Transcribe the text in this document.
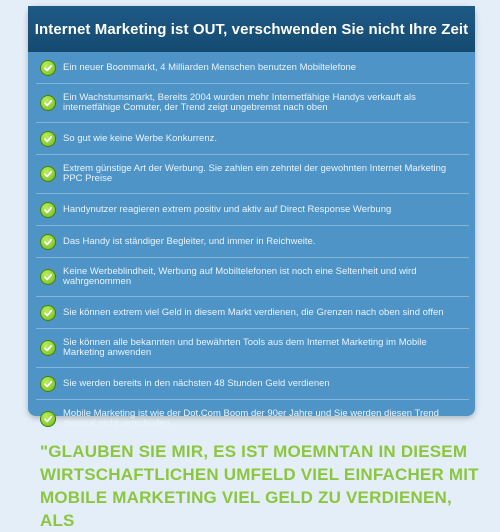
Internet Marketing ist OUT, verschwenden Sie nicht Ihre Zeit
Ein neuer Boommarkt, 4 Milliarden Menschen benutzen Mobiltelefone
Ein Wachstumsmarkt, Bereits 2004 wurden mehr Internetfähige Handys verkauft als internetfähige Comuter, der Trend zeigt ungebremst nach oben
So gut wie keine Werbe Konkurrenz.
Extrem günstige Art der Werbung. Sie zahlen ein zehntel der gewohnten Internet Marketing PPC Preise
Handynutzer reagieren extrem positiv und aktiv auf Direct Response Werbung
Das Handy ist ständiger Begleiter, und immer in Reichweite.
Keine Werbeblindheit, Werbung auf Mobiltelefonen ist noch eine Seltenheit und wird wahrgenommen
Sie können extrem viel Geld in diesem Markt verdienen, die Grenzen nach oben sind offen
Sie können alle bekannten und bewährten Tools aus dem Internet Marketing im Mobile Marketing anwenden
Sie werden bereits in den nächsten 48 Stunden Geld verdienen
Mobile Marketing ist wie der Dot.Com Boom der 90er Jahre und Sie werden diesen Trend diesmal nicht verschlafen
"GLAUBEN SIE MIR, ES IST MOEMNTAN IN DIESEM WIRTSCHAFTLICHEN UMFELD VIEL EINFACHER MIT MOBILE MARKETING VIEL GELD ZU VERDIENEN, ALS
